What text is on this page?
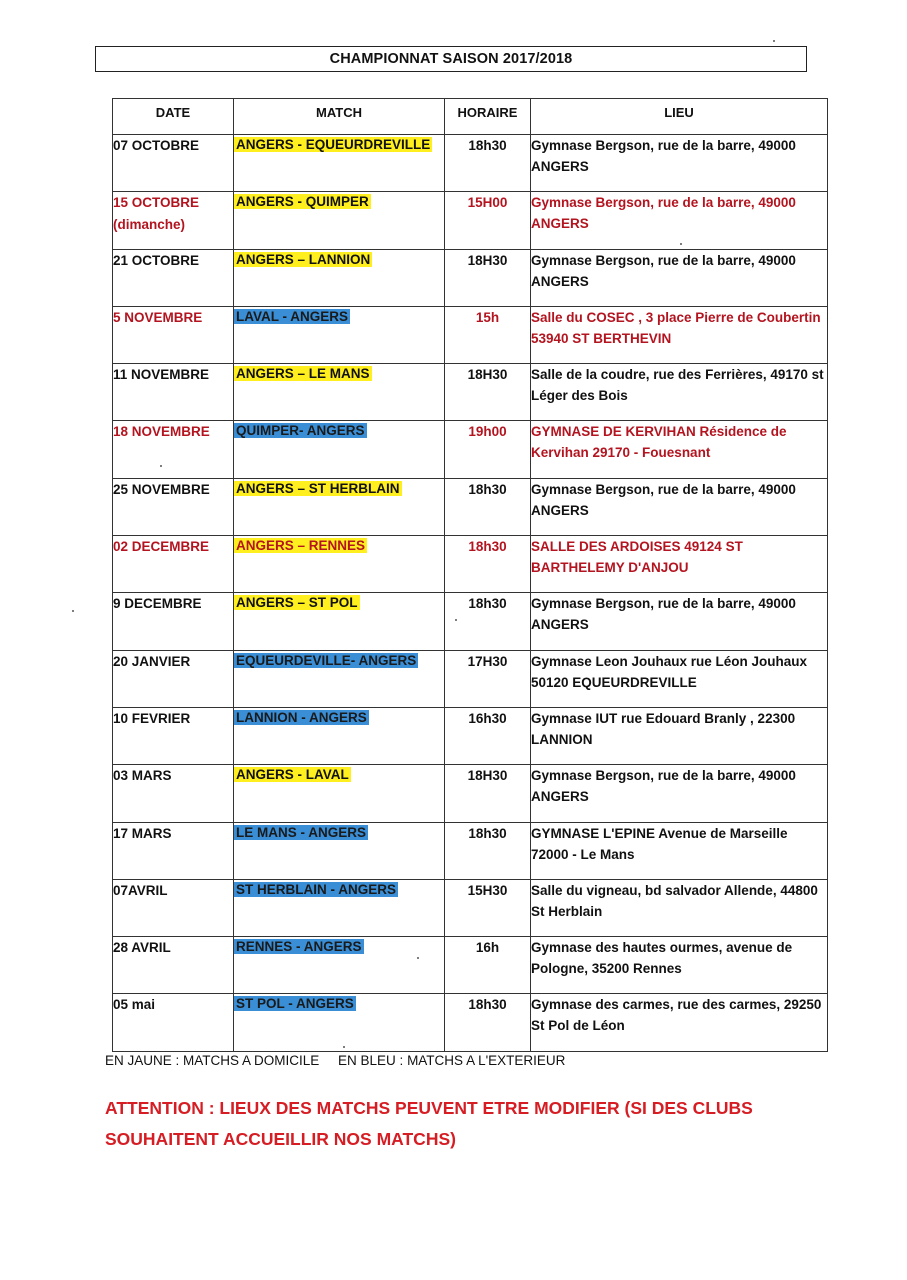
CHAMPIONNAT SAISON 2017/2018
DATE	MATCH	HORAIRE	LIEU
07 OCTOBRE	ANGERS - EQUEURDREVILLE	18h30	Gymnase Bergson, rue de la barre, 49000 ANGERS
15 OCTOBRE (dimanche)	ANGERS - QUIMPER	15H00	Gymnase Bergson, rue de la barre, 49000 ANGERS
21 OCTOBRE	ANGERS – LANNION	18H30	Gymnase Bergson, rue de la barre, 49000 ANGERS
5 NOVEMBRE	LAVAL - ANGERS	15h	Salle du COSEC , 3 place Pierre de Coubertin 53940 ST BERTHEVIN
11 NOVEMBRE	ANGERS – LE MANS	18H30	Salle de la coudre, rue des Ferrières, 49170 st Léger des Bois
18 NOVEMBRE	QUIMPER- ANGERS	19h00	GYMNASE DE KERVIHAN Résidence de Kervihan 29170 - Fouesnant
25 NOVEMBRE	ANGERS – ST HERBLAIN	18h30	Gymnase Bergson, rue de la barre, 49000 ANGERS
02 DECEMBRE	ANGERS – RENNES	18h30	SALLE DES ARDOISES 49124 ST BARTHELEMY D'ANJOU
9 DECEMBRE	ANGERS – ST POL	18h30	Gymnase Bergson, rue de la barre, 49000 ANGERS
20 JANVIER	EQUEURDEVILLE- ANGERS	17H30	Gymnase Leon Jouhaux rue Léon Jouhaux 50120 EQUEURDREVILLE
10 FEVRIER	LANNION - ANGERS	16h30	Gymnase IUT rue Edouard Branly , 22300 LANNION
03 MARS	ANGERS - LAVAL	18H30	Gymnase Bergson, rue de la barre, 49000 ANGERS
17 MARS	LE MANS - ANGERS	18h30	GYMNASE L'EPINE Avenue de Marseille 72000 - Le Mans
07AVRIL	ST HERBLAIN - ANGERS	15H30	Salle du vigneau, bd salvador Allende, 44800 St Herblain
28 AVRIL	RENNES - ANGERS	16h	Gymnase des hautes ourmes, avenue de Pologne, 35200 Rennes
05 mai	ST POL - ANGERS	18h30	Gymnase des carmes, rue des carmes, 29250 St Pol de Léon
EN JAUNE : MATCHS A DOMICILE     EN BLEU : MATCHS A L'EXTERIEUR
ATTENTION : LIEUX DES MATCHS PEUVENT ETRE MODIFIER (SI DES CLUBS SOUHAITENT ACCUEILLIR NOS MATCHS)
